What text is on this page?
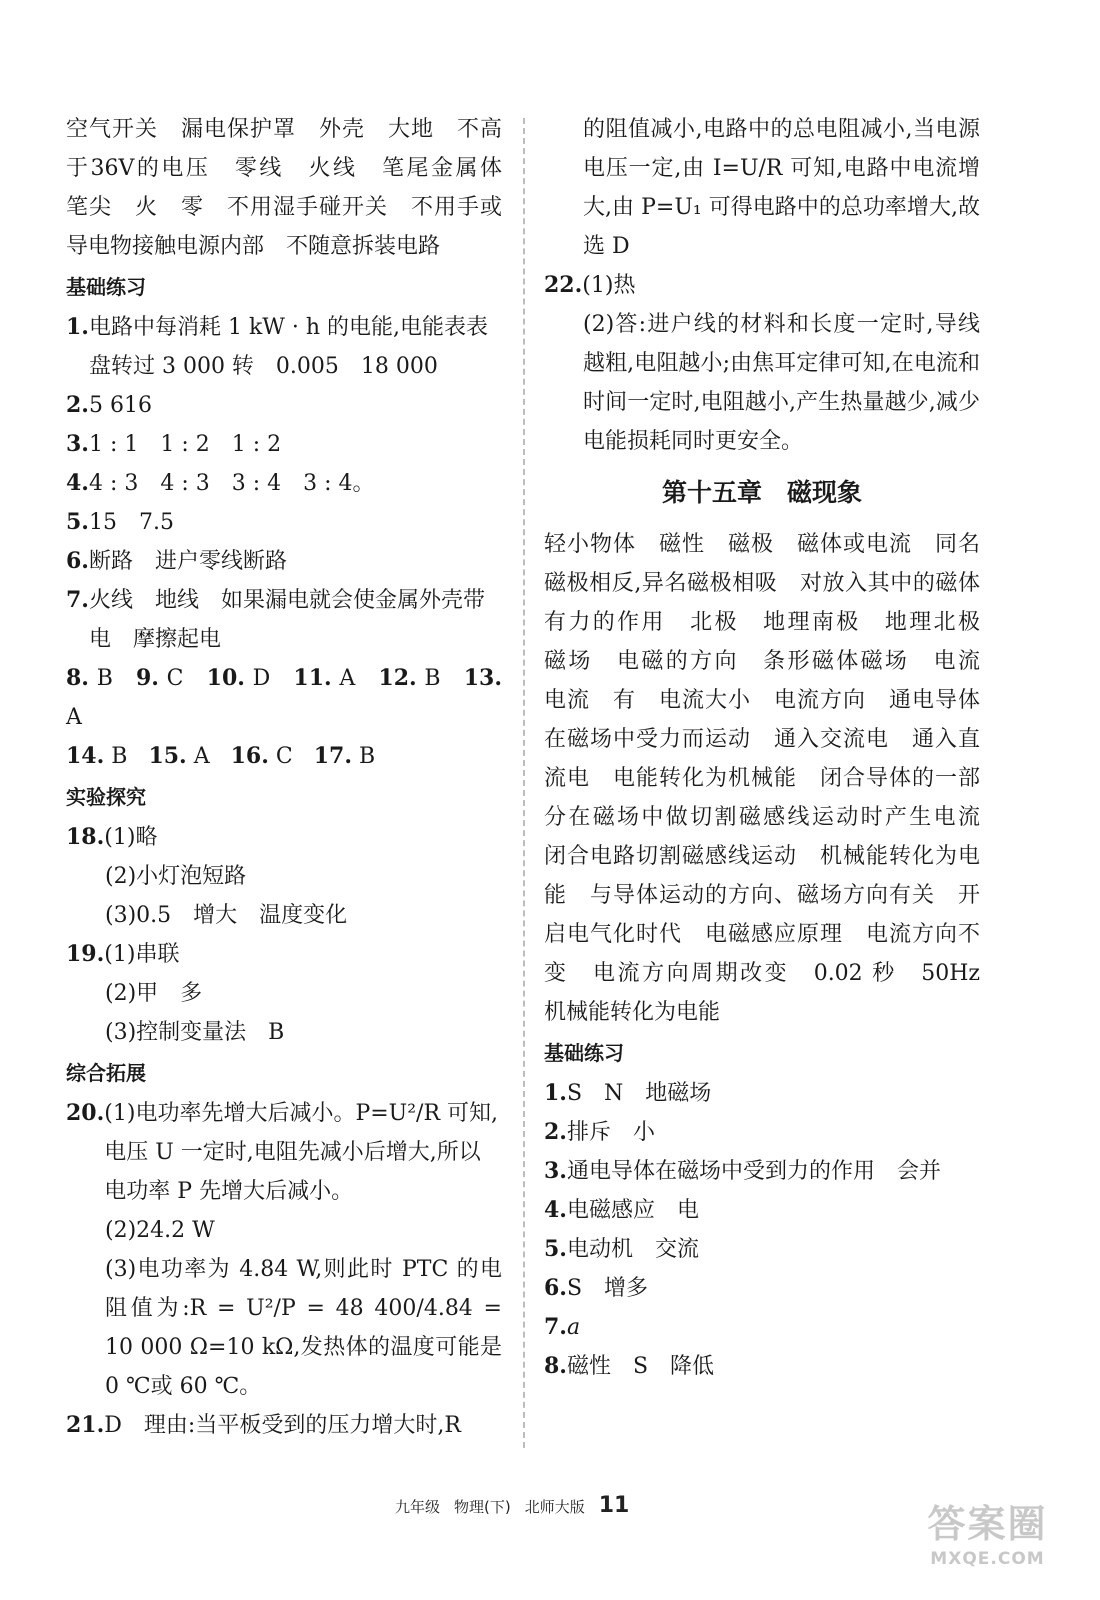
空气开关　漏电保护罩　外壳　大地　不高于36V的电压　零线　火线　笔尾金属体　笔尖　火　零　不用湿手碰开关　不用手或导电物接触电源内部　不随意拆装电路

基础练习
1. 电路中每消耗 1 kW · h 的电能,电能表表盘转过 3 000 转　0.005　18 000
2. 5 616
3. 1 : 1　1 : 2　1 : 2
4. 4 : 3　4 : 3　3 : 4　3 : 4。
5. 15　7.5
6. 断路　进户零线断路
7. 火线　地线　如果漏电就会使金属外壳带电　摩擦起电
8. B 9. C 10. D 11. A 12. B 13. A
14. B 15. A 16. C 17. B
实验探究
18. (1)略

(2)小灯泡短路

(3)0.5　增大　温度变化

19. (1)串联

(2)甲　多

(3)控制变量法　B

综合拓展
20. (1)电功率先增大后减小。P=U²/R 可知,电压 U 一定时,电阻先减小后增大,所以电功率 P 先增大后减小。

(2)24.2 W

(3)电功率为 4.84 W,则此时 PTC 的电阻值为:R = U²/P = 48 400/4.84 = 10 000 Ω=10 kΩ,发热体的温度可能是 0 ℃或 60 ℃。

21. D　理由:当平板受到的压力增大时,R

的阻值减小,电路中的总电阻减小,当电源电压一定,由 I=U/R 可知,电路中电流增大,由 P=U₁ 可得电路中的总功率增大,故选 D

22. (1)热

(2)答:进户线的材料和长度一定时,导线越粗,电阻越小;由焦耳定律可知,在电流和时间一定时,电阻越小,产生热量越少,减少电能损耗同时更安全。

第十五章　磁现象

轻小物体　磁性　磁极　磁体或电流　同名磁极相反,异名磁极相吸　对放入其中的磁体有力的作用　北极　地理南极　地理北极　磁场　电磁的方向　条形磁体磁场　电流　电流　有　电流大小　电流方向　通电导体在磁场中受力而运动　通入交流电　通入直流电　电能转化为机械能　闭合导体的一部分在磁场中做切割磁感线运动时产生电流　闭合电路切割磁感线运动　机械能转化为电能　与导体运动的方向、磁场方向有关　开启电气化时代　电磁感应原理　电流方向不变　电流方向周期改变　0.02 秒　50Hz　机械能转化为电能

基础练习
1. S　N　地磁场
2. 排斥　小
3. 通电导体在磁场中受到力的作用　会并
4. 电磁感应　电
5. 电动机　交流
6. S　增多
7. a
8. 磁性　S　降低
九年级 物理(下) 北师大版 11	答案圈
MXQE.COM
